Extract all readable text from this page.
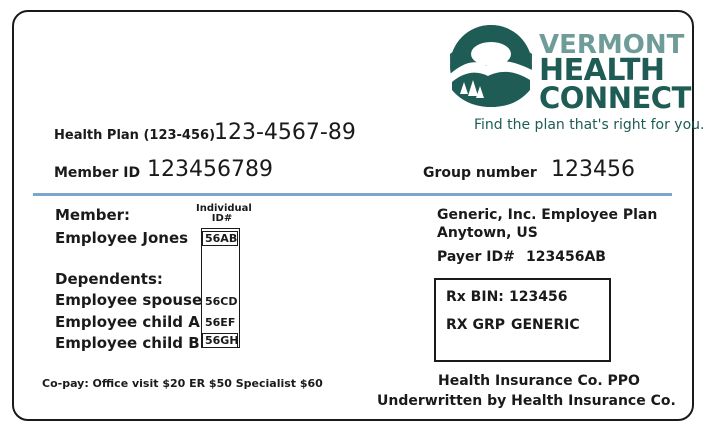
VERMONT
HEALTH
CONNECT
Find the plan that's right for you.
Health Plan (123-456)
123-4567-89
Member ID 123456789	Group number 123456
Member:
Employee Jones
Individual
ID#
56AB
Dependents:
Employee spouse 56CD
Employee child A 56EF
Employee child B 56GH
Co-pay: Office visit $20 ER $50 Specialist $60
Generic, Inc. Employee Plan
Anytown, US
Payer ID# 123456AB
Rx BIN: 123456
RX GRP GENERIC
Health Insurance Co. PPO
Underwritten by Health Insurance Co.
